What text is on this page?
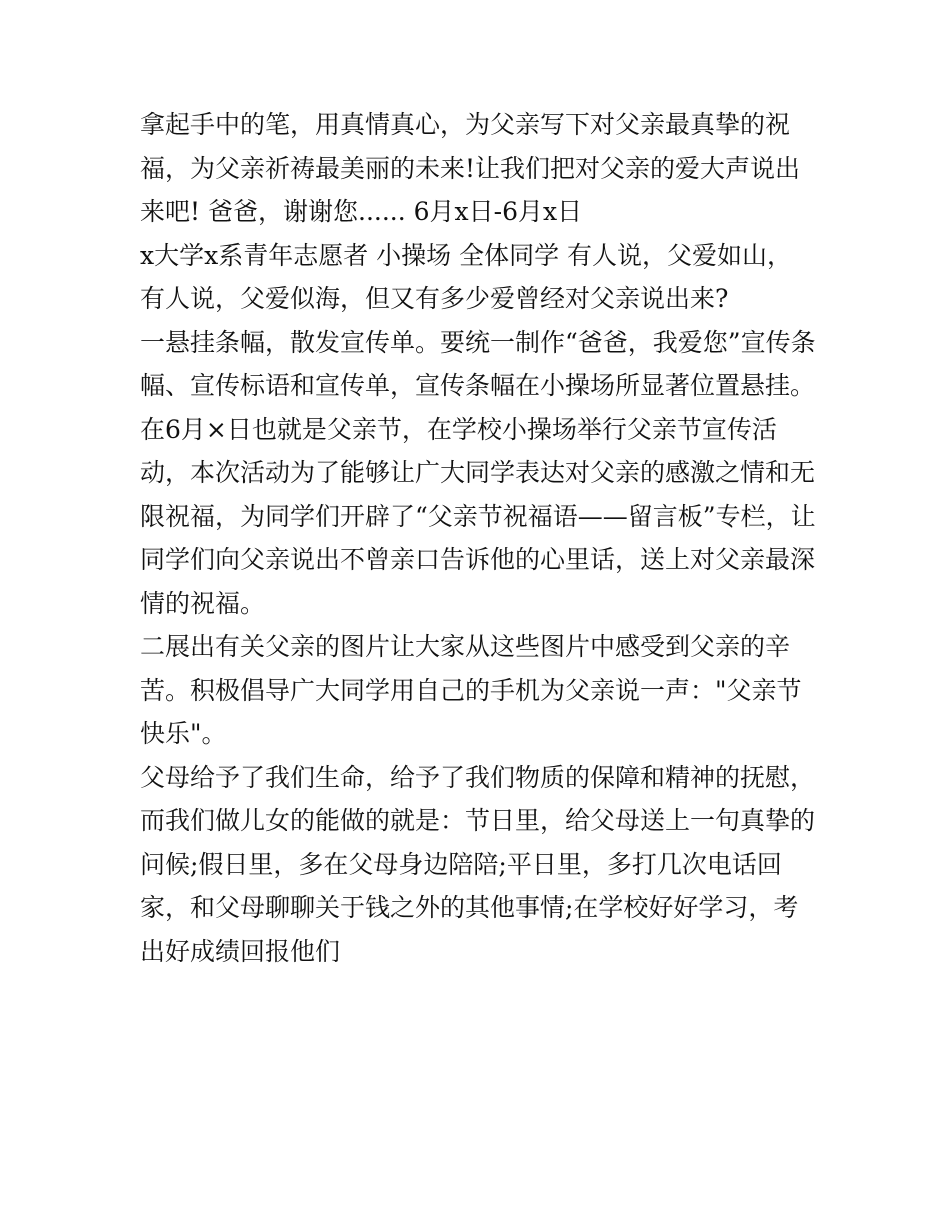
拿起手中的笔，用真情真心，为父亲写下对父亲最真挚的祝
福，为父亲祈祷最美丽的未来!让我们把对父亲的爱大声说出
来吧! 爸爸，谢谢您...... 6月x日-6月x日
x大学x系青年志愿者 小操场 全体同学 有人说，父爱如山，
有人说，父爱似海，但又有多少爱曾经对父亲说出来?
一悬挂条幅，散发宣传单。要统一制作“爸爸，我爱您”宣传条
幅、宣传标语和宣传单，宣传条幅在小操场所显著位置悬挂。
在6月×日也就是父亲节，在学校小操场举行父亲节宣传活
动，本次活动为了能够让广大同学表达对父亲的感激之情和无
限祝福，为同学们开辟了“父亲节祝福语——留言板”专栏，让
同学们向父亲说出不曾亲口告诉他的心里话，送上对父亲最深
情的祝福。
二展出有关父亲的图片让大家从这些图片中感受到父亲的辛
苦。积极倡导广大同学用自己的手机为父亲说一声："父亲节
快乐"。
父母给予了我们生命，给予了我们物质的保障和精神的抚慰，
而我们做儿女的能做的就是：节日里，给父母送上一句真挚的
问候;假日里，多在父母身边陪陪;平日里，多打几次电话回
家，和父母聊聊关于钱之外的其他事情;在学校好好学习，考
出好成绩回报他们
